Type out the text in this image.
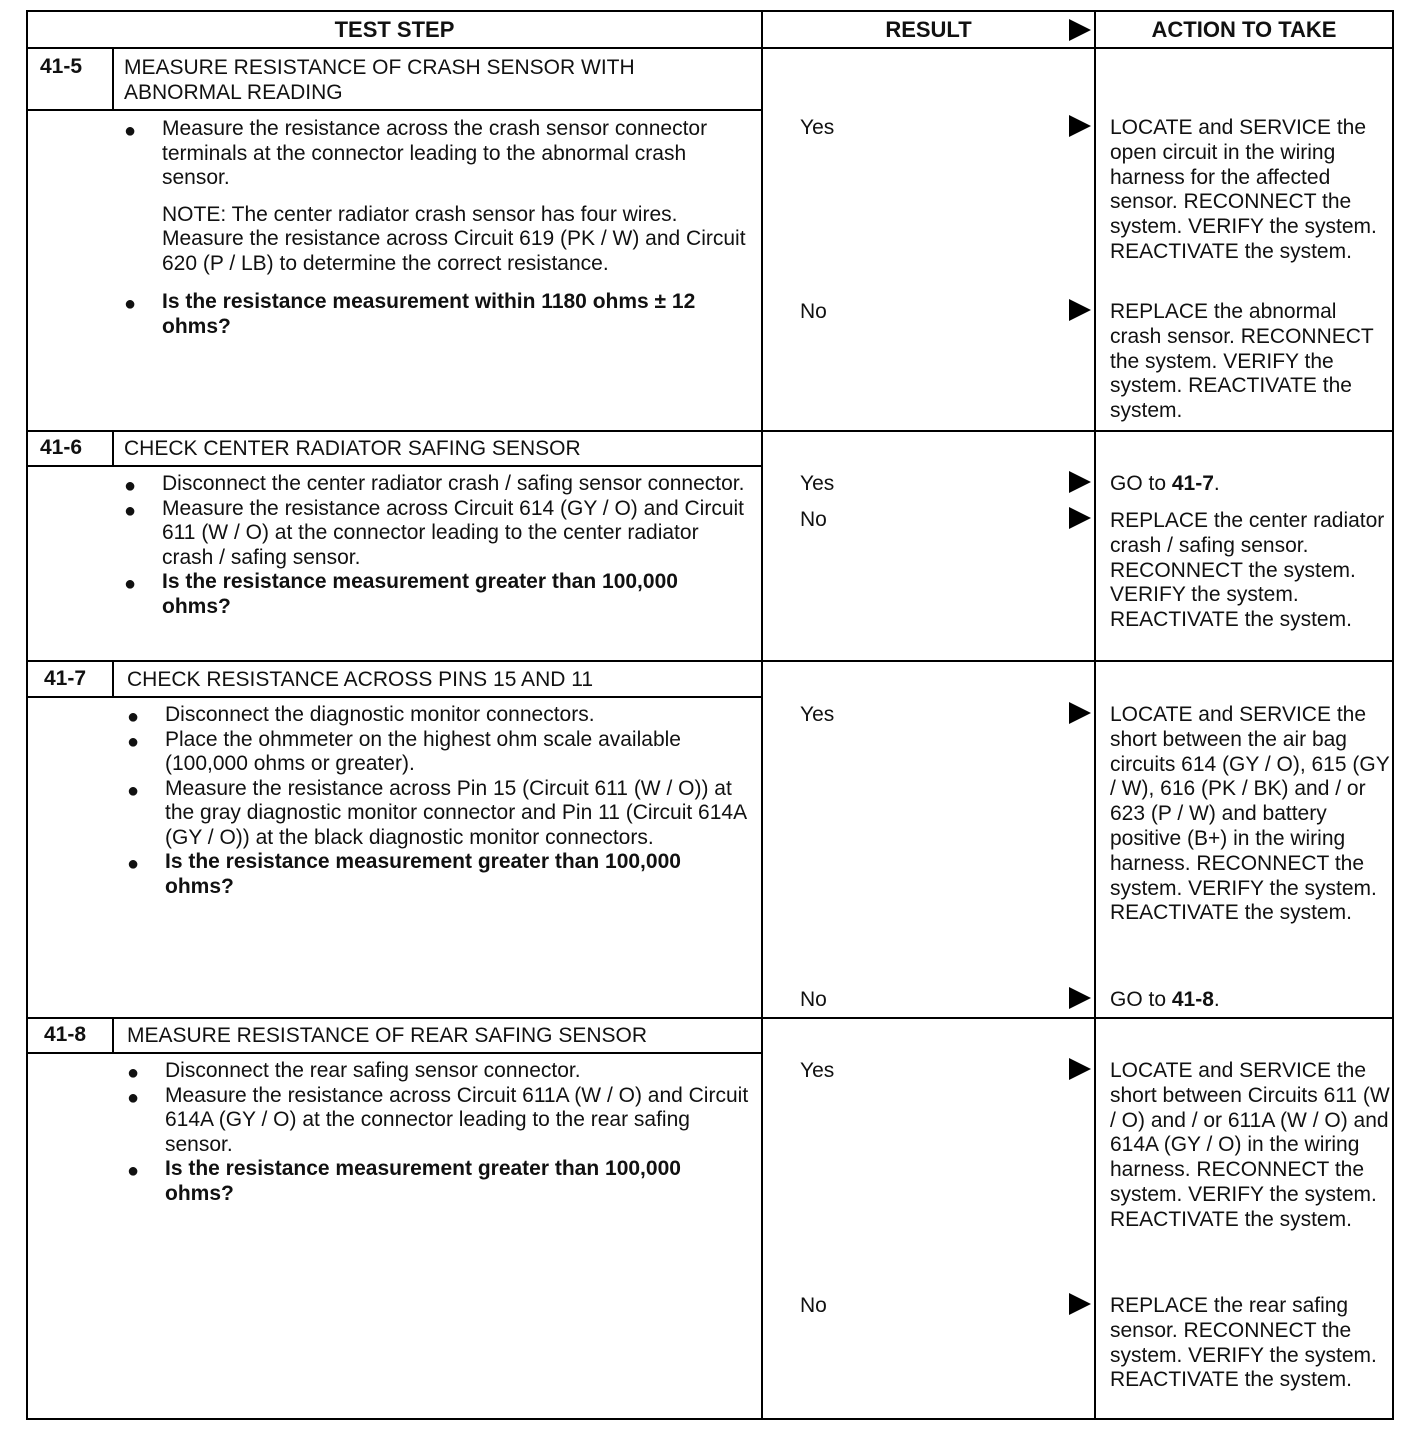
TEST STEP	RESULT	ACTION TO TAKE
41-5 MEASURE RESISTANCE OF CRASH SENSOR WITH
ABNORMAL READING

● Measure the resistance across the crash sensor connector terminals at the connector leading to the abnormal crash sensor.

NOTE: The center radiator crash sensor has four wires. Measure the resistance across Circuit 619 (PK / W) and Circuit 620 (P / LB) to determine the correct resistance.

● Is the resistance measurement within 1180 ohms ± 12 ohms?

Yes	LOCATE and SERVICE the open circuit in the wiring harness for the affected sensor. RECONNECT the system. VERIFY the system. REACTIVATE the system.
No	REPLACE the abnormal crash sensor. RECONNECT the system. VERIFY the system. REACTIVATE the system.
41-6 CHECK CENTER RADIATOR SAFING SENSOR

● Disconnect the center radiator crash / safing sensor connector.

● Measure the resistance across Circuit 614 (GY / O) and Circuit 611 (W / O) at the connector leading to the center radiator crash / safing sensor.

● Is the resistance measurement greater than 100,000 ohms?

Yes	GO to 41-7.
No	REPLACE the center radiator crash / safing sensor. RECONNECT the system. VERIFY the system. REACTIVATE the system.
41-7 CHECK RESISTANCE ACROSS PINS 15 AND 11

● Disconnect the diagnostic monitor connectors.

● Place the ohmmeter on the highest ohm scale available (100,000 ohms or greater).

● Measure the resistance across Pin 15 (Circuit 611 (W / O)) at the gray diagnostic monitor connector and Pin 11 (Circuit 614A (GY / O)) at the black diagnostic monitor connectors.

● Is the resistance measurement greater than 100,000 ohms?

Yes	LOCATE and SERVICE the short between the air bag circuits 614 (GY / O), 615 (GY / W), 616 (PK / BK) and / or 623 (P / W) and battery positive (B+) in the wiring harness. RECONNECT the system. VERIFY the system. REACTIVATE the system.
No	GO to 41-8.
41-8 MEASURE RESISTANCE OF REAR SAFING SENSOR

● Disconnect the rear safing sensor connector.

● Measure the resistance across Circuit 611A (W / O) and Circuit 614A (GY / O) at the connector leading to the rear safing sensor.

● Is the resistance measurement greater than 100,000 ohms?

Yes	LOCATE and SERVICE the short between Circuits 611 (W / O) and / or 611A (W / O) and 614A (GY / O) in the wiring harness. RECONNECT the system. VERIFY the system. REACTIVATE the system.
No	REPLACE the rear safing sensor. RECONNECT the system. VERIFY the system. REACTIVATE the system.
